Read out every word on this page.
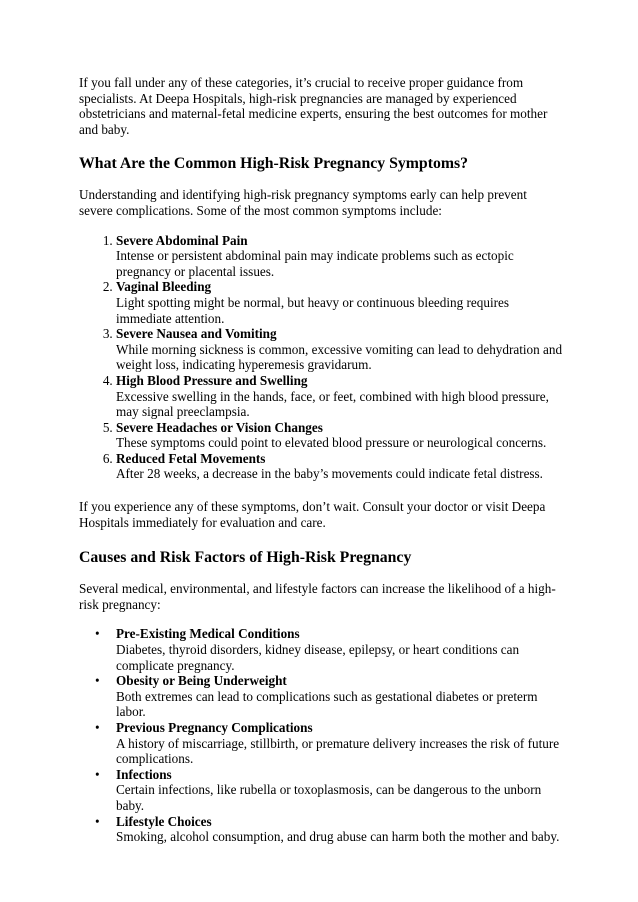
If you fall under any of these categories, it’s crucial to receive proper guidance from specialists. At Deepa Hospitals, high-risk pregnancies are managed by experienced obstetricians and maternal-fetal medicine experts, ensuring the best outcomes for mother and baby.

What Are the Common High-Risk Pregnancy Symptoms?

Understanding and identifying high-risk pregnancy symptoms early can help prevent severe complications. Some of the most common symptoms include:

1. Severe Abdominal Pain
Intense or persistent abdominal pain may indicate problems such as ectopic pregnancy or placental issues.
2. Vaginal Bleeding
Light spotting might be normal, but heavy or continuous bleeding requires immediate attention.
3. Severe Nausea and Vomiting
While morning sickness is common, excessive vomiting can lead to dehydration and weight loss, indicating hyperemesis gravidarum.
4. High Blood Pressure and Swelling
Excessive swelling in the hands, face, or feet, combined with high blood pressure, may signal preeclampsia.
5. Severe Headaches or Vision Changes
These symptoms could point to elevated blood pressure or neurological concerns.
6. Reduced Fetal Movements
After 28 weeks, a decrease in the baby’s movements could indicate fetal distress.

If you experience any of these symptoms, don’t wait. Consult your doctor or visit Deepa Hospitals immediately for evaluation and care.

Causes and Risk Factors of High-Risk Pregnancy

Several medical, environmental, and lifestyle factors can increase the likelihood of a high-risk pregnancy:

• Pre-Existing Medical Conditions
Diabetes, thyroid disorders, kidney disease, epilepsy, or heart conditions can complicate pregnancy.
• Obesity or Being Underweight
Both extremes can lead to complications such as gestational diabetes or preterm labor.
• Previous Pregnancy Complications
A history of miscarriage, stillbirth, or premature delivery increases the risk of future complications.
• Infections
Certain infections, like rubella or toxoplasmosis, can be dangerous to the unborn baby.
• Lifestyle Choices
Smoking, alcohol consumption, and drug abuse can harm both the mother and baby.
